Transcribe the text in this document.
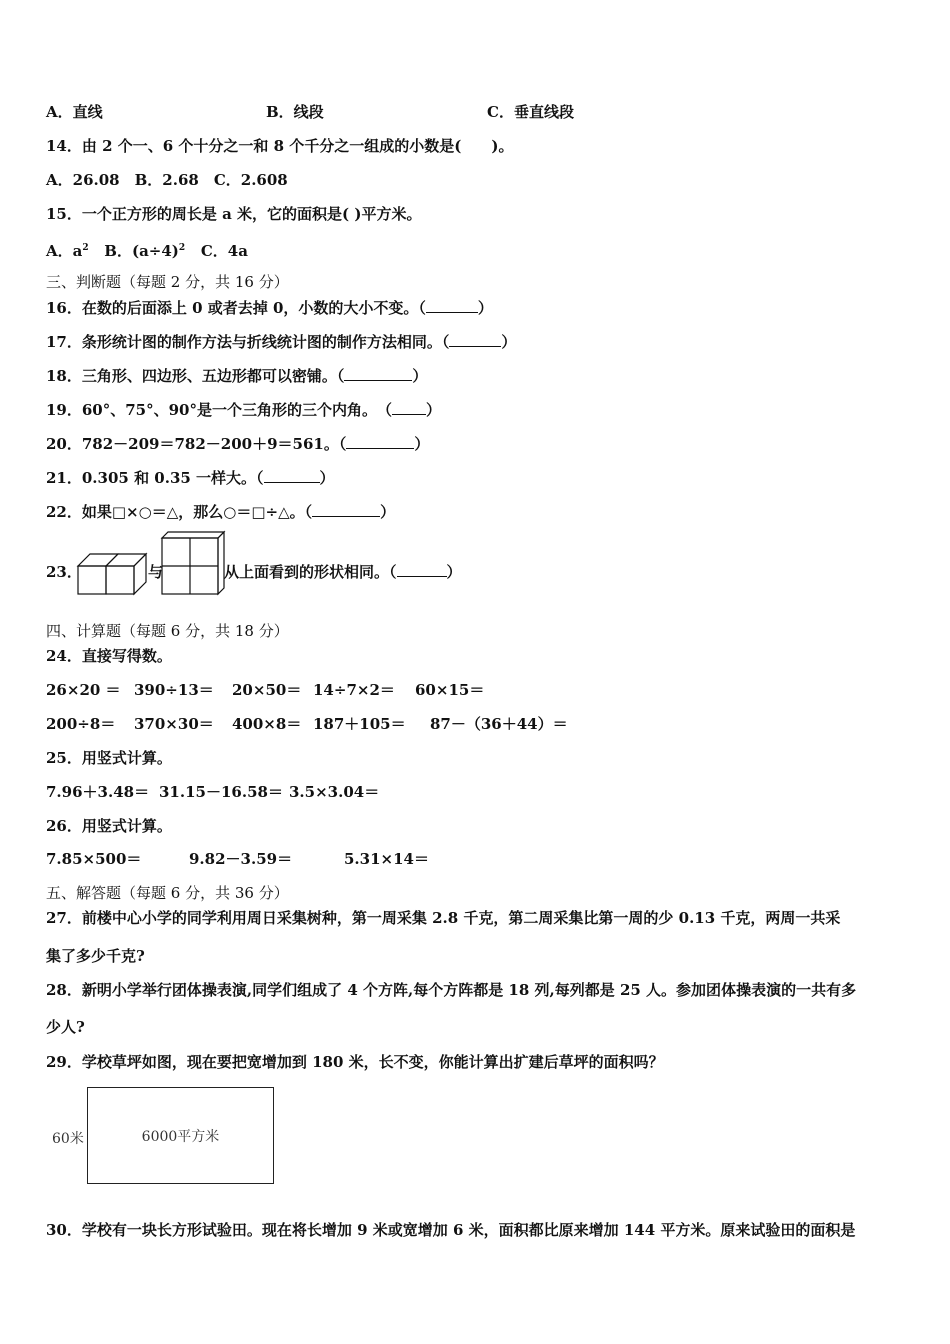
A．直线	B．线段	C．垂直线段
14．由 2 个一、6 个十分之一和 8 个千分之一组成的小数是(　　)。
A．26.08　B．2.68　C．2.608
15．一个正方形的周长是 a 米，它的面积是( )平方米。
A．$a^2$ B．$(a\div 4)^2$ C．4a
三、判断题（每题 2 分，共 16 分）
16．在数的后面添上 0 或者去掉 0，小数的大小不变。（	）
17．条形统计图的制作方法与折线统计图的制作方法相同。（	）
18．三角形、四边形、五边形都可以密铺。（	）
19．60°、75°、90°是一个三角形的三个内角。　（ ）
20．782－209＝782－200＋9＝561。（	）
21．0.305 和 0.35 一样大。（	）
22．如果□×○＝△，那么○＝□÷△。（	）
23．	与	从上面看到的形状相同。（	）
四、计算题（每题 6 分，共 18 分）
24．直接写得数。
26×20 ＝ 390÷13＝ 20×50＝ 14÷7×2＝ 60×15＝
200÷8＝ 370×30＝ 400×8＝ 187＋105＝ 87－（36＋44）＝
25．用竖式计算。
7.96＋3.48＝ 31.15－16.58＝ 3.5×3.04＝
26．用竖式计算。
7.85×500＝	9.82－3.59＝	5.31×14＝
五、解答题（每题 6 分，共 36 分）
27．前楼中心小学的同学利用周日采集树种，第一周采集 2.8 千克，第二周采集比第一周的少 0.13 千克，两周一共采
集了多少千克?
28．新明小学举行团体操表演,同学们组成了 4 个方阵,每个方阵都是 18 列,每列都是 25 人。参加团体操表演的一共有多
少人?
29．学校草坪如图，现在要把宽增加到 180 米，长不变，你能计算出扩建后草坪的面积吗？
60米	6000平方米
30．学校有一块长方形试验田。现在将长增加 9 米或宽增加 6 米，面积都比原来增加 144 平方米。原来试验田的面积是
